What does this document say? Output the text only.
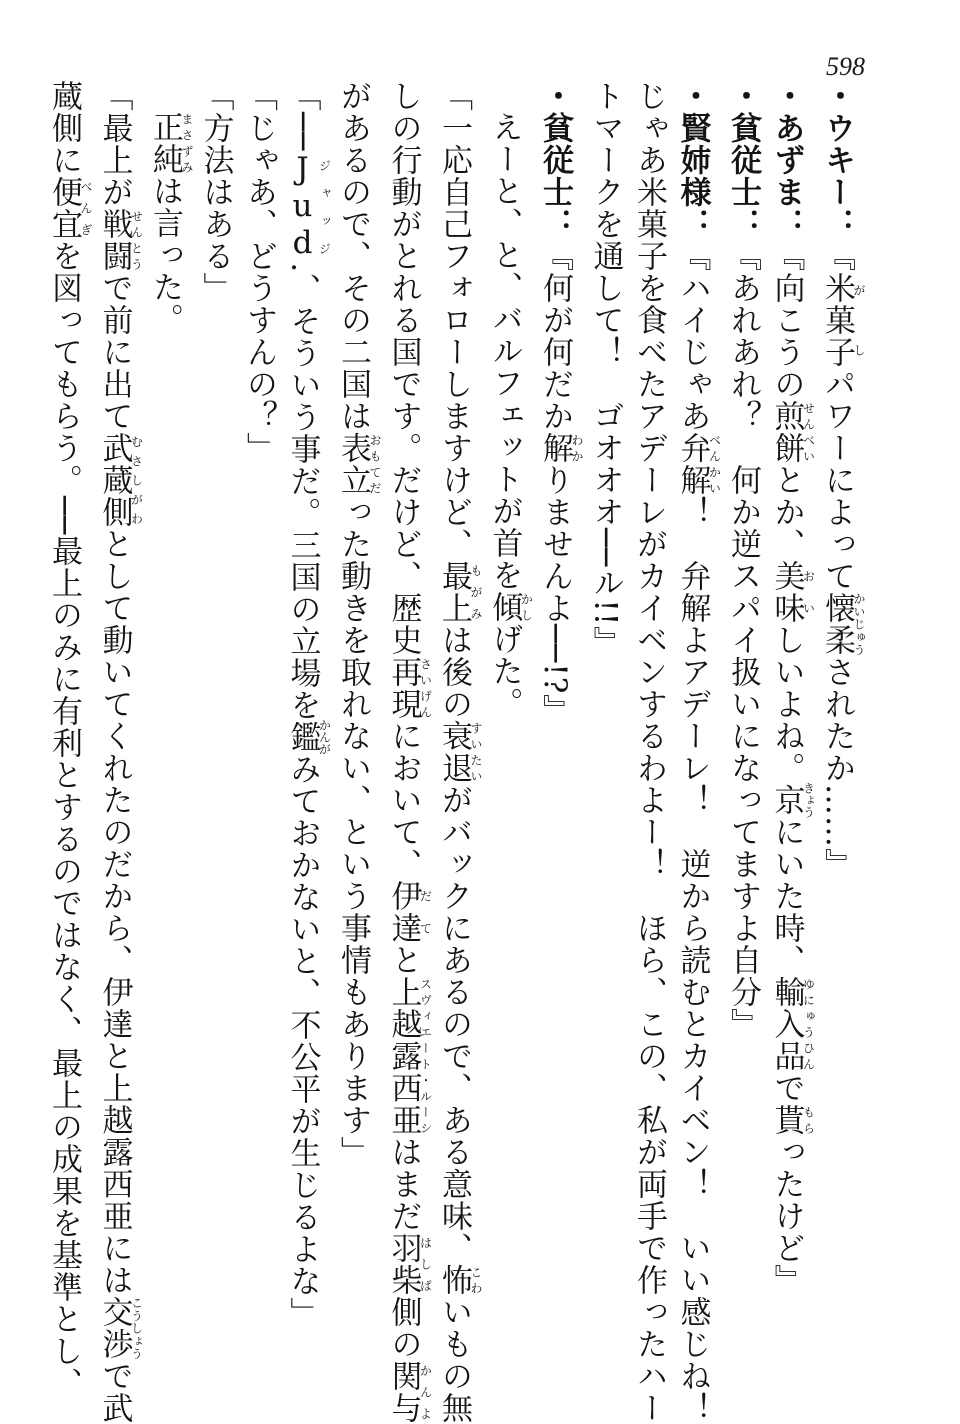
598

・ウキー：『米菓子がしパワーによって懐柔かいじゅうされたか……』

・あずま：『向こうの煎餅せんべいとか、美味おいしいよね。京きょうにいた時、輸入品ゆにゅうひんで貰もらったけど』

・貧従士：『あれあれ？　何か逆スパイ扱いになってますよ自分』

・賢姉様：『ハイじゃあ弁解べんかい！　弁解よアデーレ！　逆から読むとカイベン！　いい感じね！

じゃあ米菓子を食べたアデーレがカイベンするわよー！　ほら、この、私が両手で作ったハー

トマークを通して！　ゴオオオ──ル!!』

・貧従士：『何が何だか解わかりませんよ──!?』

えーと、と、バルフェットが首を傾かしげた。

「一応自己フォローしますけど、最上もがみは後の衰退すいたいがバックにあるので、ある意味、怖こわいもの無

しの行動がとれる国です。だけど、歴史再現さいげんにおいて、伊達だてと上越露西亜スヴィエート・ルーシはまだ羽柴はしば側の関与かんよ

があるので、その二国は表立おもてだった動きを取れない、という事情もあります」

「──Judジャッジ.、そういう事だ。三国の立場を鑑かんがみておかないと、不公平が生じるよな」

「じゃあ、どうすんの？」

「方法はある」

正純まさずみは言った。

「最上が戦闘せんとうで前に出て武蔵側むさしがわとして動いてくれたのだから、伊達と上越露西亜には交渉こうしょうで武

蔵側に便宜べんぎを図ってもらう。──最上のみに有利とするのではなく、最上の成果を基準とし、
